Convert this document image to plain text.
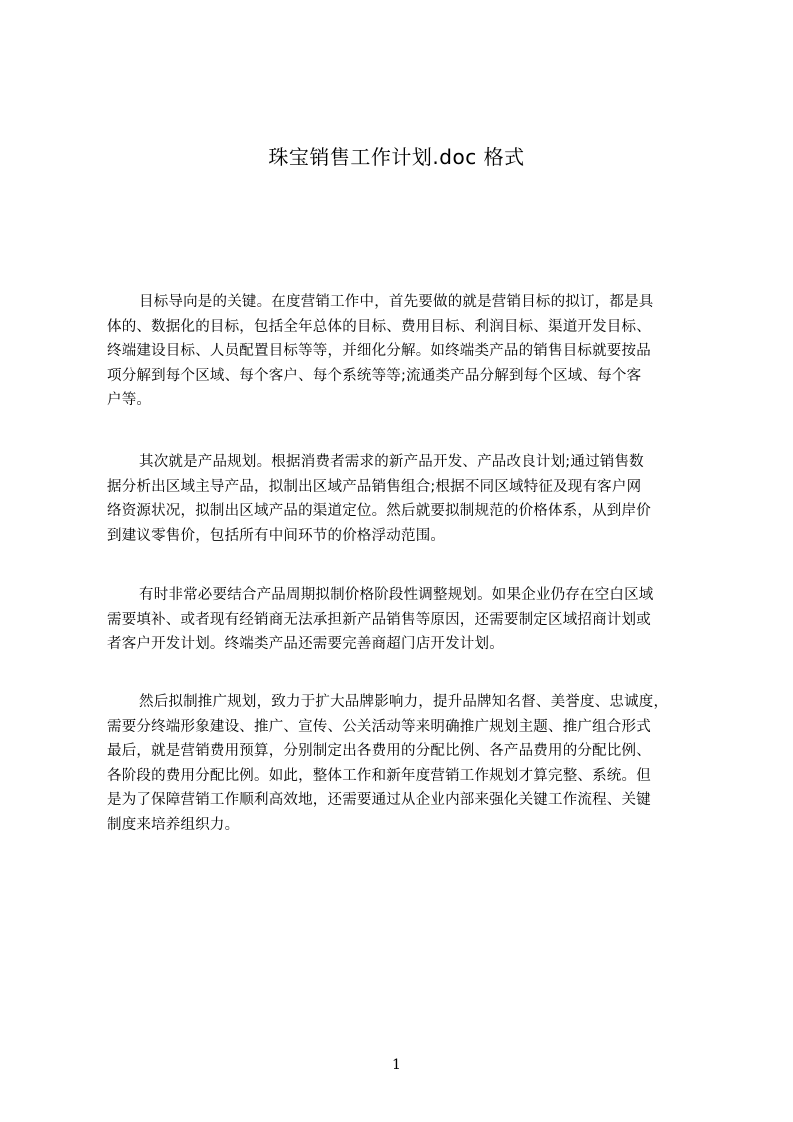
珠宝销售工作计划.doc 格式

目标导向是的关键。在度营销工作中，首先要做的就是营销目标的拟订，都是具
体的、数据化的目标，包括全年总体的目标、费用目标、利润目标、渠道开发目标、
终端建设目标、人员配置目标等等，并细化分解。如终端类产品的销售目标就要按品
项分解到每个区域、每个客户、每个系统等等;流通类产品分解到每个区域、每个客
户等。

其次就是产品规划。根据消费者需求的新产品开发、产品改良计划;通过销售数
据分析出区域主导产品，拟制出区域产品销售组合;根据不同区域特征及现有客户网
络资源状况，拟制出区域产品的渠道定位。然后就要拟制规范的价格体系，从到岸价
到建议零售价，包括所有中间环节的价格浮动范围。

有时非常必要结合产品周期拟制价格阶段性调整规划。如果企业仍存在空白区域
需要填补、或者现有经销商无法承担新产品销售等原因，还需要制定区域招商计划或
者客户开发计划。终端类产品还需要完善商超门店开发计划。

然后拟制推广规划，致力于扩大品牌影响力，提升品牌知名督、美誉度、忠诚度，
需要分终端形象建设、推广、宣传、公关活动等来明确推广规划主题、推广组合形式
最后，就是营销费用预算，分别制定出各费用的分配比例、各产品费用的分配比例、
各阶段的费用分配比例。如此，整体工作和新年度营销工作规划才算完整、系统。但
是为了保障营销工作顺利高效地，还需要通过从企业内部来强化关键工作流程、关键
制度来培养组织力。

1
